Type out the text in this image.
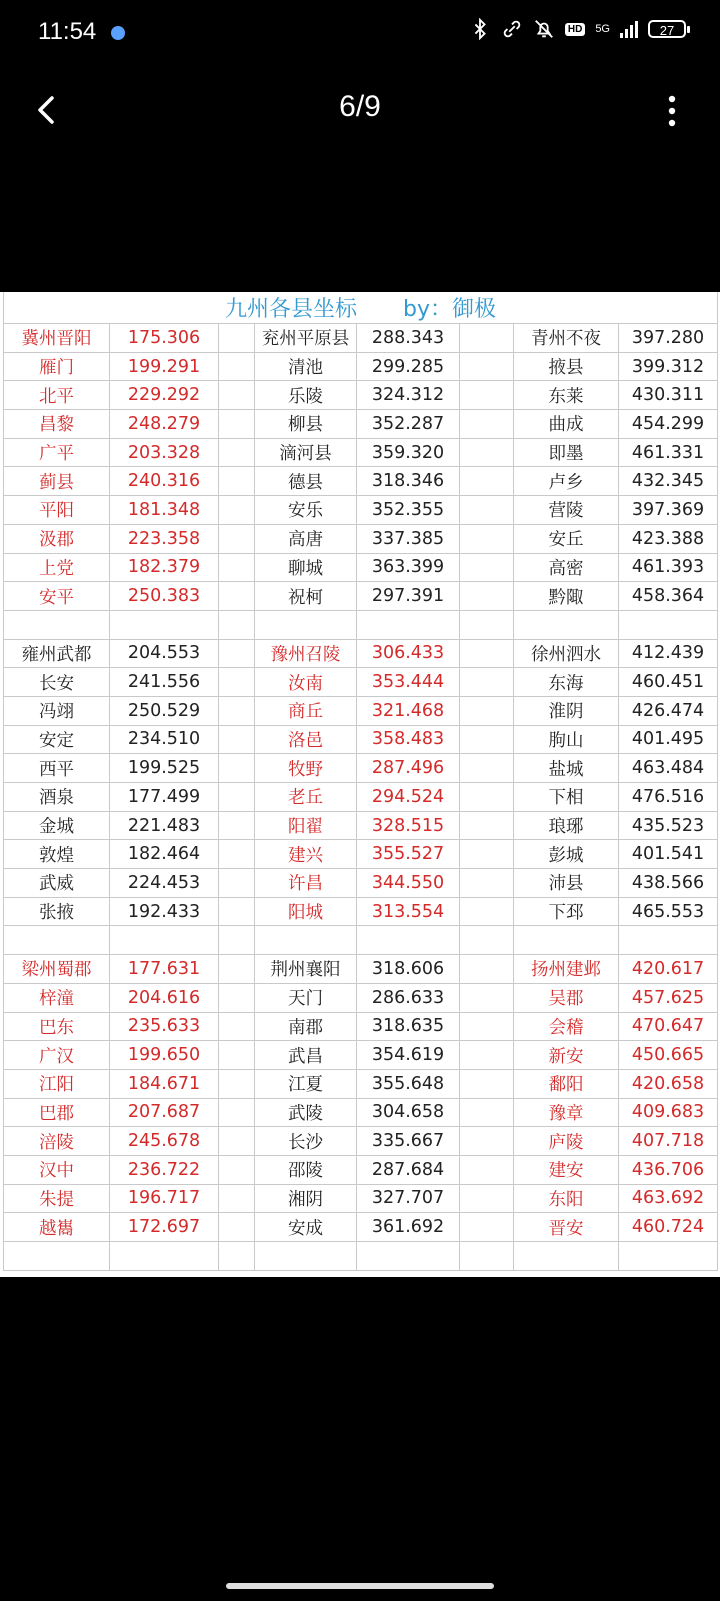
11:54	HD 5G	27
6/9
九州各县坐标 by：御极							
冀州晋阳	175.306		兖州平原县	288.343		青州不夜	397.280
雁门	199.291		清池	299.285		掖县	399.312
北平	229.292		乐陵	324.312		东莱	430.311
昌黎	248.279		柳县	352.287		曲成	454.299
广平	203.328		滴河县	359.320		即墨	461.331
蓟县	240.316		德县	318.346		卢乡	432.345
平阳	181.348		安乐	352.355		营陵	397.369
汲郡	223.358		高唐	337.385		安丘	423.388
上党	182.379		聊城	363.399		高密	461.393
安平	250.383		祝柯	297.391		黔陬	458.364

雍州武都	204.553		豫州召陵	306.433		徐州泗水	412.439
长安	241.556		汝南	353.444		东海	460.451
冯翊	250.529		商丘	321.468		淮阴	426.474
安定	234.510		洛邑	358.483		朐山	401.495
西平	199.525		牧野	287.496		盐城	463.484
酒泉	177.499		老丘	294.524		下相	476.516
金城	221.483		阳翟	328.515		琅琊	435.523
敦煌	182.464		建兴	355.527		彭城	401.541
武威	224.453		许昌	344.550		沛县	438.566
张掖	192.433		阳城	313.554		下邳	465.553

梁州蜀郡	177.631		荆州襄阳	318.606		扬州建邺	420.617
梓潼	204.616		天门	286.633		吴郡	457.625
巴东	235.633		南郡	318.635		会稽	470.647
广汉	199.650		武昌	354.619		新安	450.665
江阳	184.671		江夏	355.648		鄱阳	420.658
巴郡	207.687		武陵	304.658		豫章	409.683
涪陵	245.678		长沙	335.667		庐陵	407.718
汉中	236.722		邵陵	287.684		建安	436.706
朱提	196.717		湘阴	327.707		东阳	463.692
越巂	172.697		安成	361.692		晋安	460.724
